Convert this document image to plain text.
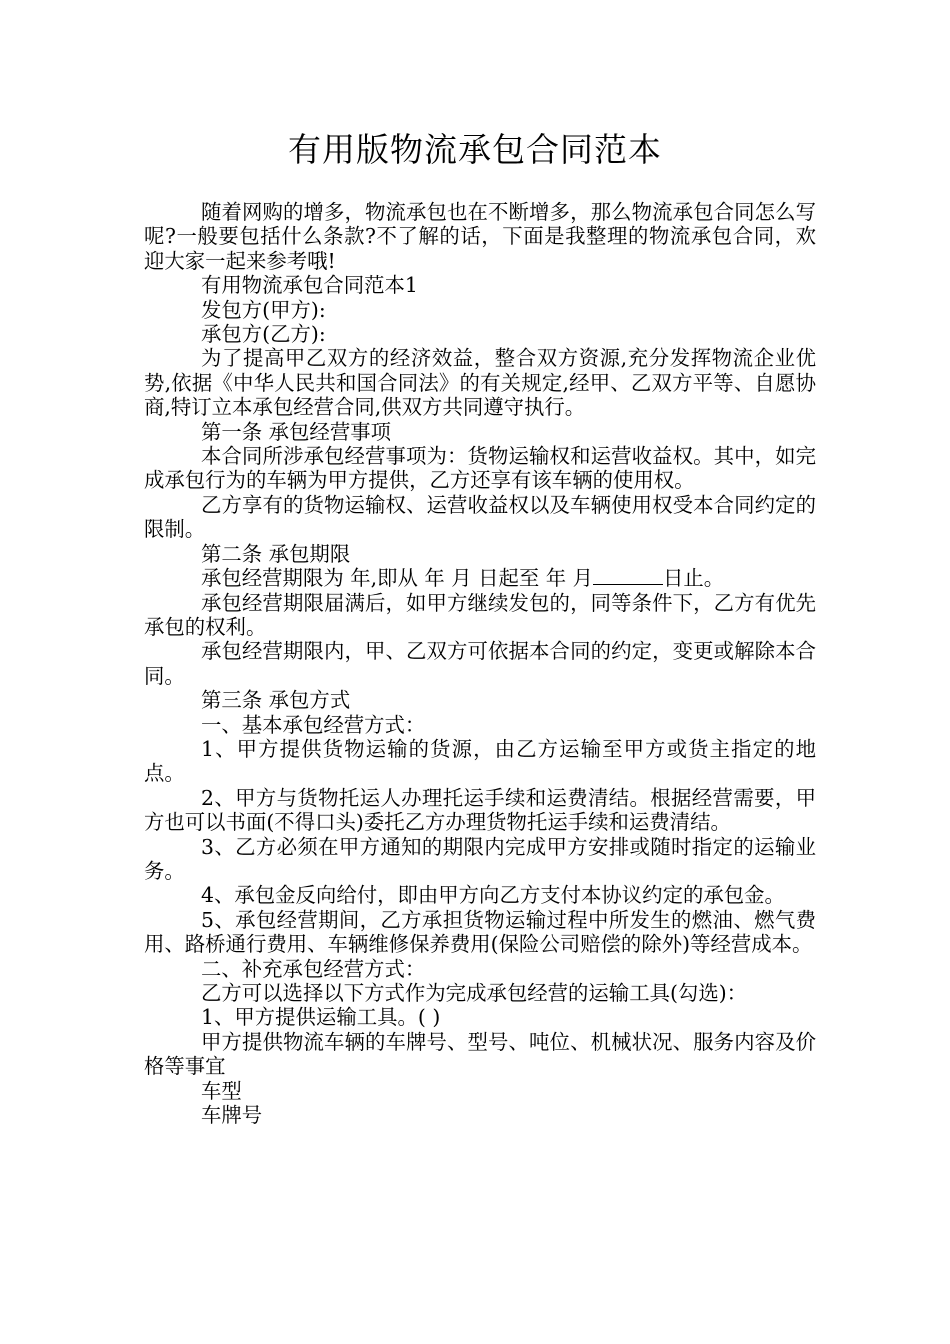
有用版物流承包合同范本

随着网购的增多，物流承包也在不断增多，那么物流承包合同怎么写呢?一般要包括什么条款?不了解的话，下面是我整理的物流承包合同，欢迎大家一起来参考哦!

有用物流承包合同范本1

发包方(甲方):

承包方(乙方):

为了提高甲乙双方的经济效益，整合双方资源,充分发挥物流企业优势,依据《中华人民共和国合同法》的有关规定,经甲、乙双方平等、自愿协商,特订立本承包经营合同,供双方共同遵守执行。

第一条 承包经营事项

本合同所涉承包经营事项为：货物运输权和运营收益权。其中，如完成承包行为的车辆为甲方提供，乙方还享有该车辆的使用权。

乙方享有的货物运输权、运营收益权以及车辆使用权受本合同约定的限制。

第二条 承包期限

承包经营期限为 年,即从 年 月 日起至 年 月	日止。

承包经营期限届满后，如甲方继续发包的，同等条件下，乙方有优先承包的权利。

承包经营期限内，甲、乙双方可依据本合同的约定，变更或解除本合同。

第三条 承包方式

一、基本承包经营方式：

1、甲方提供货物运输的货源，由乙方运输至甲方或货主指定的地点。

2、甲方与货物托运人办理托运手续和运费清结。根据经营需要，甲方也可以书面(不得口头)委托乙方办理货物托运手续和运费清结。

3、乙方必须在甲方通知的期限内完成甲方安排或随时指定的运输业务。

4、承包金反向给付，即由甲方向乙方支付本协议约定的承包金。

5、承包经营期间，乙方承担货物运输过程中所发生的燃油、燃气费用、路桥通行费用、车辆维修保养费用(保险公司赔偿的除外)等经营成本。

二、补充承包经营方式：

乙方可以选择以下方式作为完成承包经营的运输工具(勾选)：

1、甲方提供运输工具。( )

甲方提供物流车辆的车牌号、型号、吨位、机械状况、服务内容及价格等事宜

车型

车牌号
